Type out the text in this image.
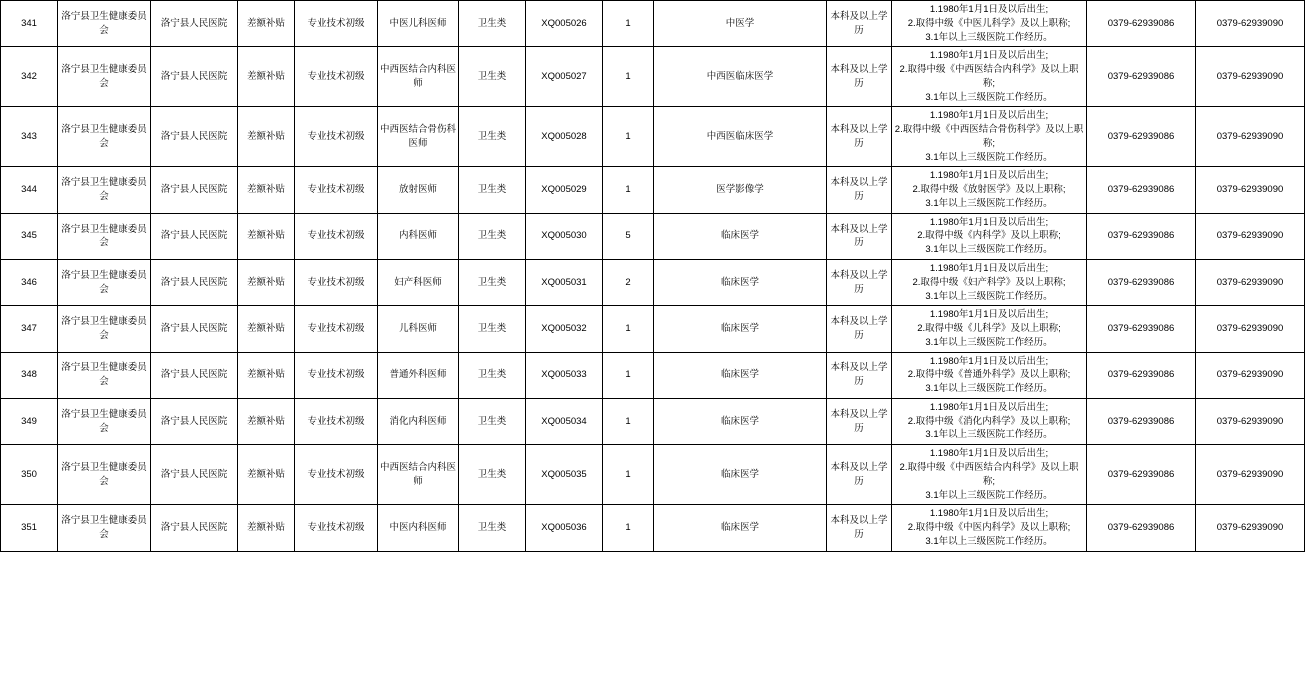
341	洛宁县卫生健康委员会	洛宁县人民医院	差额补贴	专业技术初级	中医儿科医师	卫生类	XQ005026	1	中医学	本科及以上学历	1.1980年1月1日及以后出生;
2.取得中级《中医儿科学》及以上职称;
3.1年以上三级医院工作经历。	0379-62939086	0379-62939090
342	洛宁县卫生健康委员会	洛宁县人民医院	差额补贴	专业技术初级	中西医结合内科医师	卫生类	XQ005027	1	中西医临床医学	本科及以上学历	1.1980年1月1日及以后出生;
2.取得中级《中西医结合内科学》及以上职称;
3.1年以上三级医院工作经历。	0379-62939086	0379-62939090
343	洛宁县卫生健康委员会	洛宁县人民医院	差额补贴	专业技术初级	中西医结合骨伤科医师	卫生类	XQ005028	1	中西医临床医学	本科及以上学历	1.1980年1月1日及以后出生;
2.取得中级《中西医结合骨伤科学》及以上职称;
3.1年以上三级医院工作经历。	0379-62939086	0379-62939090
344	洛宁县卫生健康委员会	洛宁县人民医院	差额补贴	专业技术初级	放射医师	卫生类	XQ005029	1	医学影像学	本科及以上学历	1.1980年1月1日及以后出生;
2.取得中级《放射医学》及以上职称;
3.1年以上三级医院工作经历。	0379-62939086	0379-62939090
345	洛宁县卫生健康委员会	洛宁县人民医院	差额补贴	专业技术初级	内科医师	卫生类	XQ005030	5	临床医学	本科及以上学历	1.1980年1月1日及以后出生;
2.取得中级《内科学》及以上职称;
3.1年以上三级医院工作经历。	0379-62939086	0379-62939090
346	洛宁县卫生健康委员会	洛宁县人民医院	差额补贴	专业技术初级	妇产科医师	卫生类	XQ005031	2	临床医学	本科及以上学历	1.1980年1月1日及以后出生;
2.取得中级《妇产科学》及以上职称;
3.1年以上三级医院工作经历。	0379-62939086	0379-62939090
347	洛宁县卫生健康委员会	洛宁县人民医院	差额补贴	专业技术初级	儿科医师	卫生类	XQ005032	1	临床医学	本科及以上学历	1.1980年1月1日及以后出生;
2.取得中级《儿科学》及以上职称;
3.1年以上三级医院工作经历。	0379-62939086	0379-62939090
348	洛宁县卫生健康委员会	洛宁县人民医院	差额补贴	专业技术初级	普通外科医师	卫生类	XQ005033	1	临床医学	本科及以上学历	1.1980年1月1日及以后出生;
2.取得中级《普通外科学》及以上职称;
3.1年以上三级医院工作经历。	0379-62939086	0379-62939090
349	洛宁县卫生健康委员会	洛宁县人民医院	差额补贴	专业技术初级	消化内科医师	卫生类	XQ005034	1	临床医学	本科及以上学历	1.1980年1月1日及以后出生;
2.取得中级《消化内科学》及以上职称;
3.1年以上三级医院工作经历。	0379-62939086	0379-62939090
350	洛宁县卫生健康委员会	洛宁县人民医院	差额补贴	专业技术初级	中西医结合内科医师	卫生类	XQ005035	1	临床医学	本科及以上学历	1.1980年1月1日及以后出生;
2.取得中级《中西医结合内科学》及以上职称;
3.1年以上三级医院工作经历。	0379-62939086	0379-62939090
351	洛宁县卫生健康委员会	洛宁县人民医院	差额补贴	专业技术初级	中医内科医师	卫生类	XQ005036	1	临床医学	本科及以上学历	1.1980年1月1日及以后出生;
2.取得中级《中医内科学》及以上职称;
3.1年以上三级医院工作经历。	0379-62939086	0379-62939090
